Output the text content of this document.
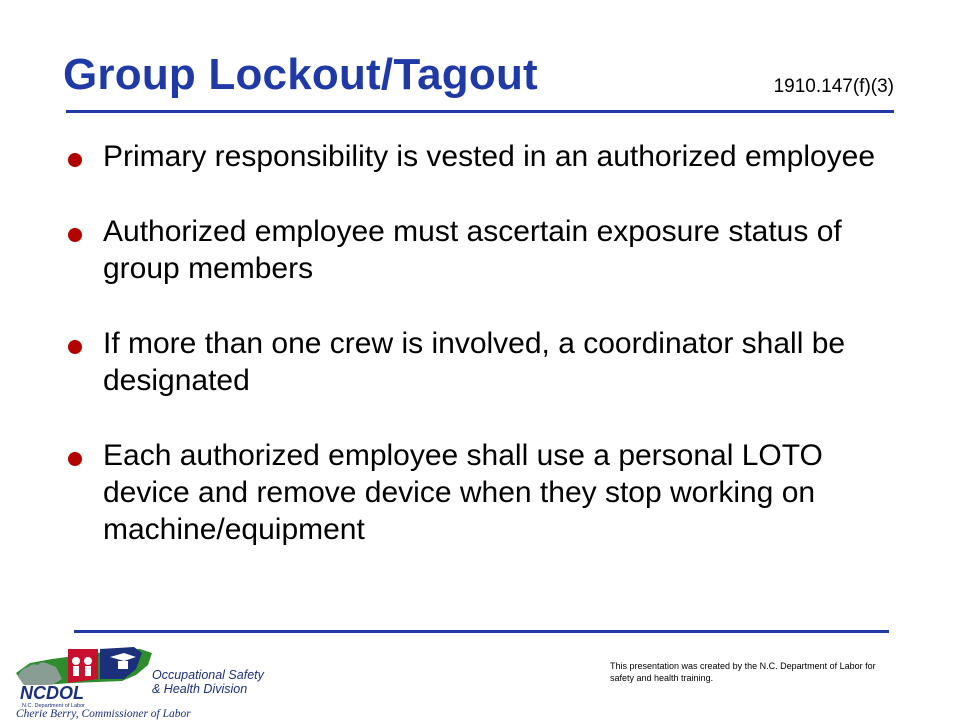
Group Lockout/Tagout	1910.147(f)(3)
Primary responsibility is vested in an authorized employee
Authorized employee must ascertain exposure status of group members
If more than one crew is involved, a coordinator shall be designated
Each authorized employee shall use a personal LOTO device and remove device when they stop working on machine/equipment
NCDOL
N.C. Department of Labor
Occupational Safety
& Health Division
Cherie Berry, Commissioner of Labor
This presentation was created by the N.C. Department of Labor for safety and health training.
